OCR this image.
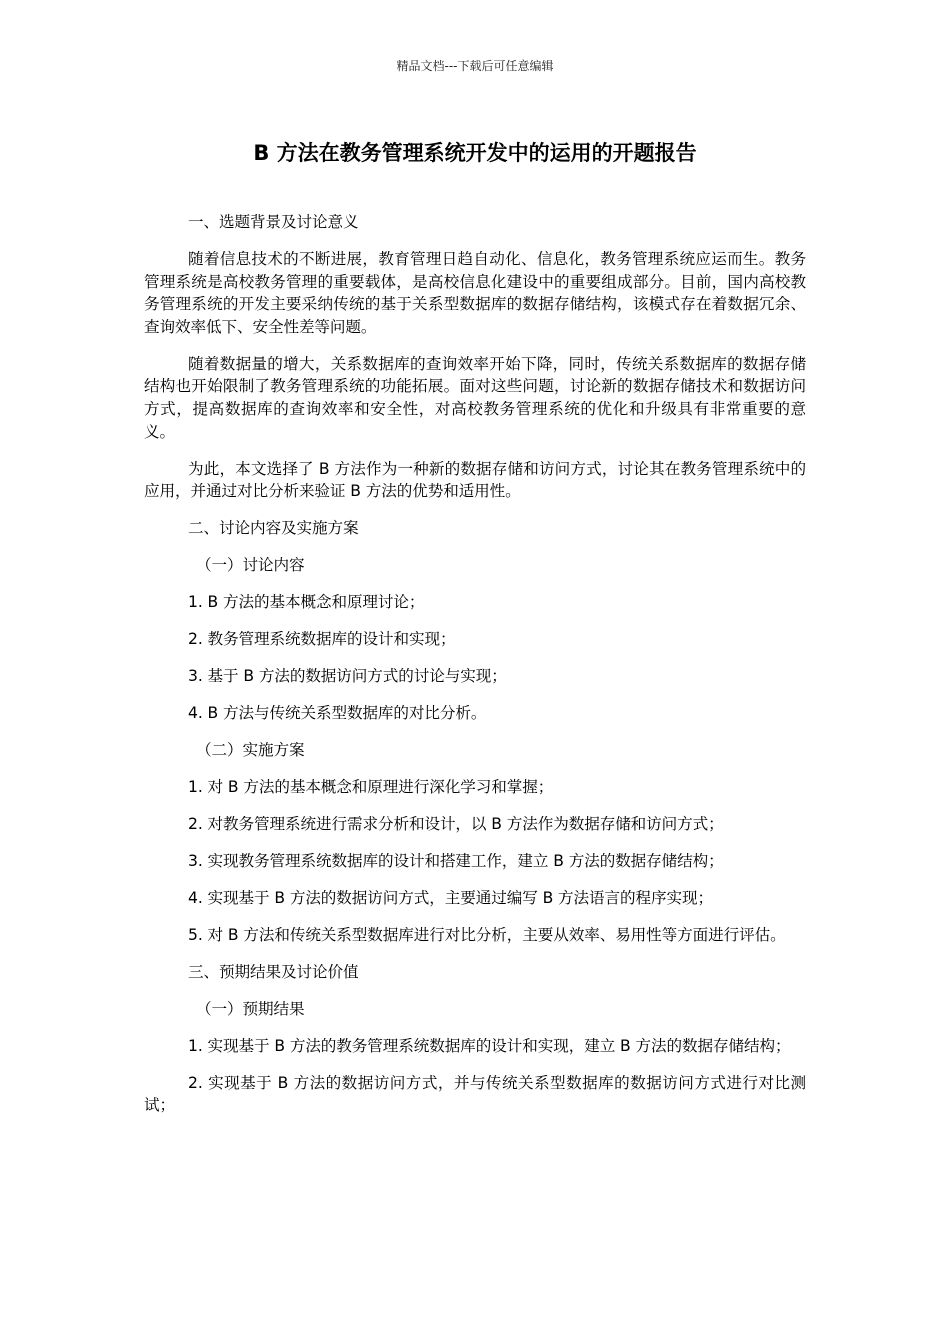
精品文档---下载后可任意编辑
B 方法在教务管理系统开发中的运用的开题报告

一、选题背景及讨论意义

随着信息技术的不断进展，教育管理日趋自动化、信息化，教务管理系统应运而生。教务管理系统是高校教务管理的重要载体，是高校信息化建设中的重要组成部分。目前，国内高校教务管理系统的开发主要采纳传统的基于关系型数据库的数据存储结构，该模式存在着数据冗余、查询效率低下、安全性差等问题。

随着数据量的增大，关系数据库的查询效率开始下降，同时，传统关系数据库的数据存储结构也开始限制了教务管理系统的功能拓展。面对这些问题，讨论新的数据存储技术和数据访问方式，提高数据库的查询效率和安全性，对高校教务管理系统的优化和升级具有非常重要的意义。

为此，本文选择了 B 方法作为一种新的数据存储和访问方式，讨论其在教务管理系统中的应用，并通过对比分析来验证 B 方法的优势和适用性。

二、讨论内容及实施方案

（一）讨论内容

1. B 方法的基本概念和原理讨论；

2. 教务管理系统数据库的设计和实现；

3. 基于 B 方法的数据访问方式的讨论与实现；

4. B 方法与传统关系型数据库的对比分析。

（二）实施方案

1. 对 B 方法的基本概念和原理进行深化学习和掌握；

2. 对教务管理系统进行需求分析和设计，以 B 方法作为数据存储和访问方式；

3. 实现教务管理系统数据库的设计和搭建工作，建立 B 方法的数据存储结构；

4. 实现基于 B 方法的数据访问方式，主要通过编写 B 方法语言的程序实现；

5. 对 B 方法和传统关系型数据库进行对比分析，主要从效率、易用性等方面进行评估。

三、预期结果及讨论价值

（一）预期结果

1. 实现基于 B 方法的教务管理系统数据库的设计和实现，建立 B 方法的数据存储结构；

2. 实现基于 B 方法的数据访问方式，并与传统关系型数据库的数据访问方式进行对比测试；
